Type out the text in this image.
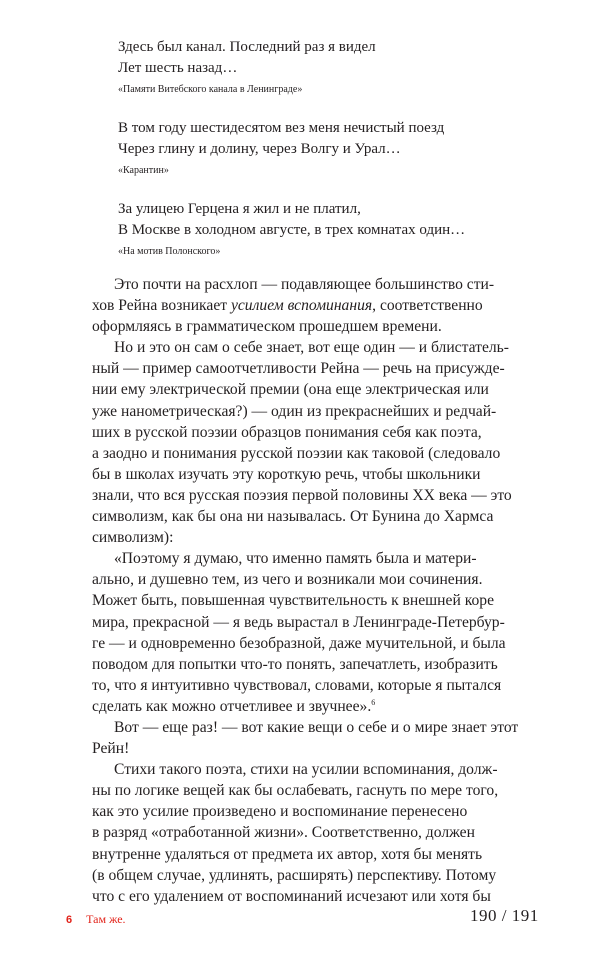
Здесь был канал. Последний раз я видел
Лет шесть назад…
«Памяти Витебского канала в Ленинграде»
В том году шестидесятом вез меня нечистый поезд
Через глину и долину, через Волгу и Урал…
«Карантин»
За улицею Герцена я жил и не платил,
В Москве в холодном августе, в трех комнатах один…
«На мотив Полонского»
Это почти на расхлоп — подавляющее большинство сти-
хов Рейна возникает усилием вспоминания, соответственно
оформляясь в грамматическом прошедшем времени.
Но и это он сам о себе знает, вот еще один — и блистатель-
ный — пример самоотчетливости Рейна — речь на присужде-
нии ему электрической премии (она еще электрическая или
уже нанометрическая?) — один из прекраснейших и редчай-
ших в русской поэзии образцов понимания себя как поэта,
а заодно и понимания русской поэзии как таковой (следовало
бы в школах изучать эту короткую речь, чтобы школьники
знали, что вся русская поэзия первой половины XX века — это
символизм, как бы она ни называлась. От Бунина до Хармса
символизм):
«Поэтому я думаю, что именно память была и матери-
ально, и душевно тем, из чего и возникали мои сочинения.
Может быть, повышенная чувствительность к внешней коре
мира, прекрасной — я ведь вырастал в Ленинграде-Петербур-
ге — и одновременно безобразной, даже мучительной, и была
поводом для попытки что-то понять, запечатлеть, изобразить
то, что я интуитивно чувствовал, словами, которые я пытался
сделать как можно отчетливее и звучнее».$^6$
Вот — еще раз! — вот какие вещи о себе и о мире знает этот
Рейн!
Стихи такого поэта, стихи на усилии вспоминания, долж-
ны по логике вещей как бы ослабевать, гаснуть по мере того,
как это усилие произведено и воспоминание перенесено
в разряд «отработанной жизни». Соответственно, должен
внутренне удаляться от предмета их автор, хотя бы менять
(в общем случае, удлинять, расширять) перспективу. Потому
что с его удалением от воспоминаний исчезают или хотя бы
6 Там же.	190 / 191
